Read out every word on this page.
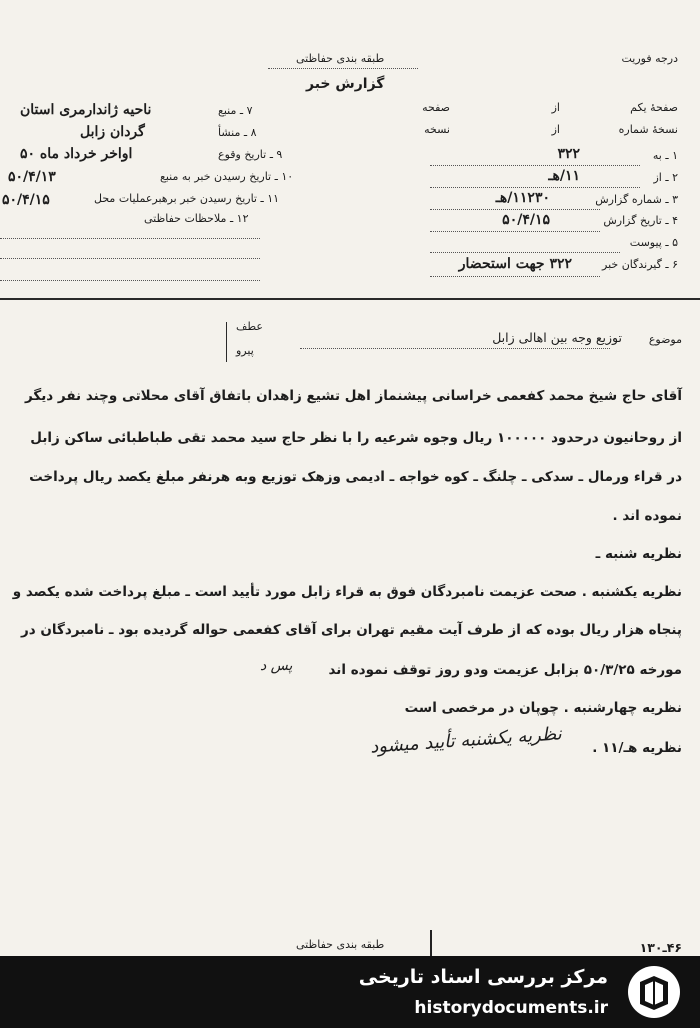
درجه فوریت
طبقه بندی حفاظتی
گزارش خبر
صفحهٔ یکم
از
صفحه
نسخهٔ شماره
از
نسخه
۱ ـ به
۳۲۲
۲ ـ از
۱۱/هـ
۳ ـ شماره گزارش
۱۱۲۳۰/هـ
۴ ـ تاریخ گزارش
۵۰/۴/۱۵
۵ ـ پیوست
۶ ـ گیرندگان خبر
۳۲۲ جهت استحضار
۷ ـ منبع
ناحیه ژاندارمری استان
۸ ـ منشأ
گردان زابل
۹ ـ تاریخ وقوع
اواخر خرداد ماه ۵۰
۱۰ ـ تاریخ رسیدن خبر به منبع
۵۰/۴/۱۳
۱۱ ـ تاریخ رسیدن خبر برهبرعملیات محل
۵۰/۴/۱۵
۱۲ ـ ملاحظات حفاظتی
موضوع
توزیع وجه بین اهالی زابل
عطف
پیرو
آقای حاج شیخ محمد کفعمی خراسانی پیشنماز اهل تشیع زاهدان باتفاق آقای محلاتی وچند نفر دیگر
از روحانیون درحدود ۱۰۰۰۰۰ ریال وجوه شرعیه را با نظر حاج سید محمد تقی طباطبائی ساکن زابل
در قراء ورمال ـ سدکی ـ چلنگ ـ کوه خواجه ـ ادیمی وزهک توزیع وبه هرنفر مبلغ یکصد ریال پرداخت
نموده اند .
نظریه شنبه ـ
نظریه یکشنبه . صحت عزیمت نامبردگان فوق به قراء زابل مورد تأیید است ـ مبلغ پرداخت شده یکصد و
پنجاه هزار ریال بوده که از طرف آیت مقیم تهران برای آقای کفعمی حواله گردیده بود ـ نامبردگان در
مورخه ۵۰/۳/۲۵ بزابل عزیمت ودو روز توقف نموده اند
پس د
نظریه چهارشنبه . چوپان در مرخصی است
نظریه هـ/۱۱ .
نظریه یکشنبه تأیید میشود
طبقه بندی حفاظتی	۴۶ـ۱۳۰
مرکز بررسی اسناد تاریخی
historydocuments.ir
